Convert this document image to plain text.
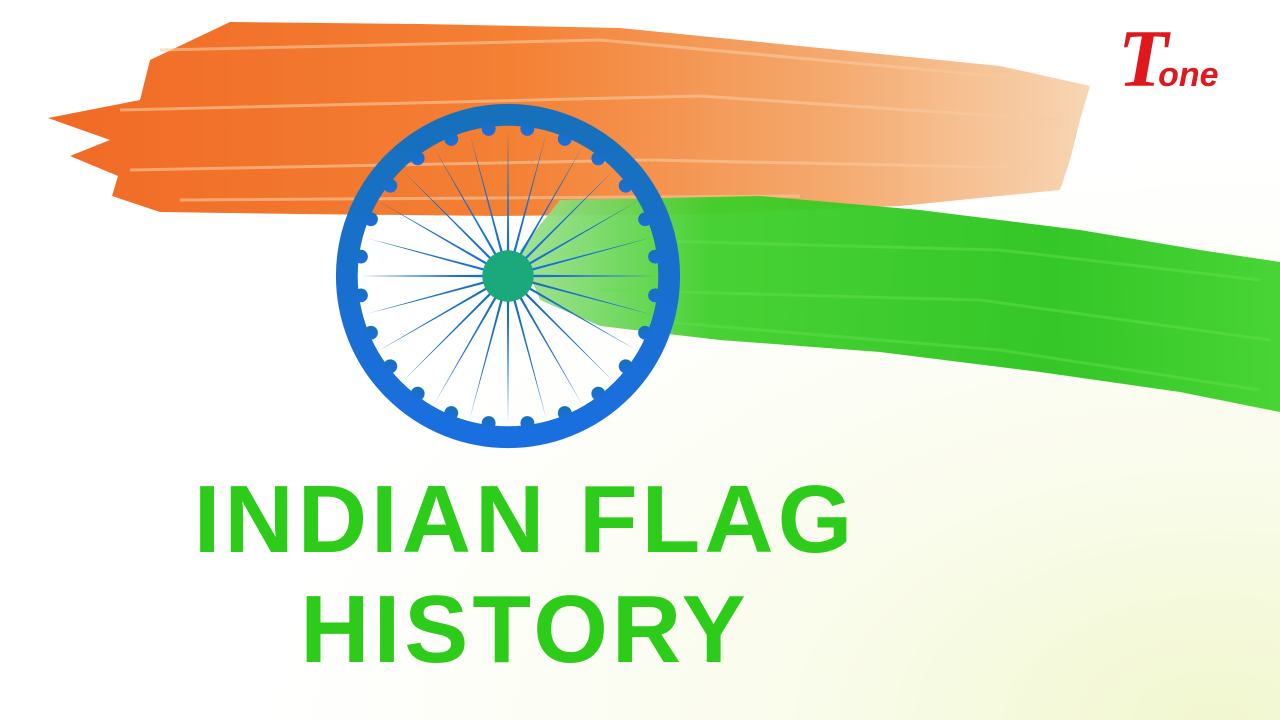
Tone
INDIAN FLAG
HISTORY
